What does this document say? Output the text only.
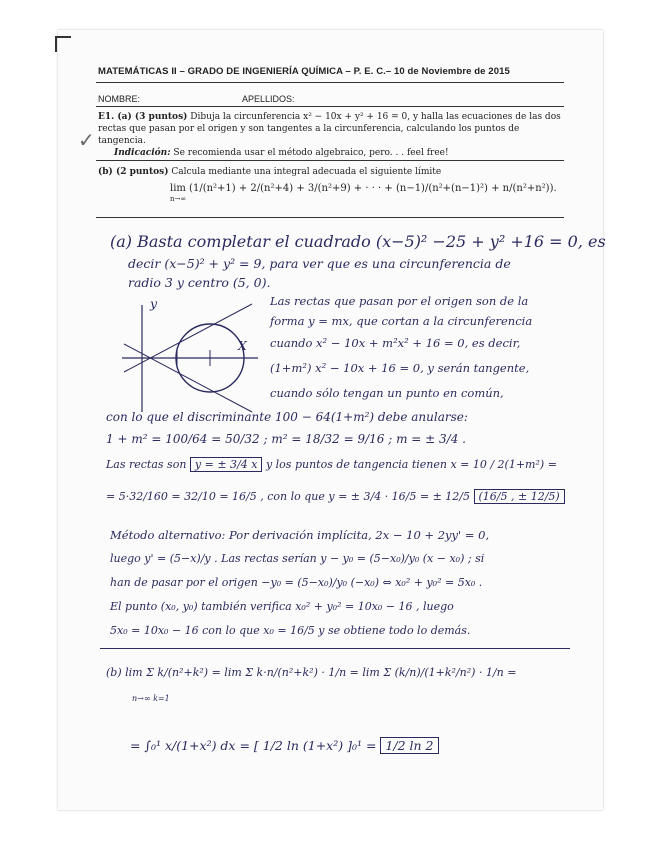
MATEMÁTICAS II – GRADO DE INGENIERÍA QUÍMICA – P. E. C.– 10 de Noviembre de 2015
NOMBRE:	APELLIDOS:
✓
E1. (a) (3 puntos) Dibuja la circunferencia x² − 10x + y² + 16 = 0, y halla las ecuaciones de las dos rectas que pasan por el origen y son tangentes a la circunferencia, calculando los puntos de tangencia.
Indicación: Se recomienda usar el método algebraico, pero. . . feel free!
(b) (2 puntos) Calcula mediante una integral adecuada el siguiente límite
lim (1/(n²+1) + 2/(n²+4) + 3/(n²+9) + · · · + (n−1)/(n²+(n−1)²) + n/(n²+n²)).
n→∞
(a) Basta completar el cuadrado (x−5)² −25 + y² +16 = 0, es
decir (x−5)² + y² = 9, para ver que es una circunferencia de
radio 3 y centro (5, 0).
X
y	Las rectas que pasan por el origen son de la
forma y = mx, que cortan a la circunferencia
cuando x² − 10x + m²x² + 16 = 0, es decir,
(1+m²) x² − 10x + 16 = 0, y serán tangente,
cuando sólo tengan un punto en común,
con lo que el discriminante 100 − 64(1+m²) debe anularse:
1 + m² = 100/64 = 50/32 ; m² = 18/32 = 9/16 ; m = ± 3/4 .
Las rectas son y = ± 3/4 x y los puntos de tangencia tienen x = 10 / 2(1+m²) =
= 5·32/160 = 32/10 = 16/5 , con lo que y = ± 3/4 · 16/5 = ± 12/5 (16/5 , ± 12/5)
Método alternativo: Por derivación implícita, 2x − 10 + 2yy' = 0,
luego y' = (5−x)/y . Las rectas serían y − y₀ = (5−x₀)/y₀ (x − x₀) ; si
han de pasar por el origen −y₀ = (5−x₀)/y₀ (−x₀) ⇔ x₀² + y₀² = 5x₀ .
El punto (x₀, y₀) también verifica x₀² + y₀² = 10x₀ − 16 , luego
5x₀ = 10x₀ − 16 con lo que x₀ = 16/5 y se obtiene todo lo demás.
(b) lim Σ k/(n²+k²) = lim Σ k·n/(n²+k²) · 1/n = lim Σ (k/n)/(1+k²/n²) · 1/n =
n→∞ k=1
= ∫₀¹ x/(1+x²) dx = [ 1/2 ln (1+x²) ]₀¹ = 1/2 ln 2
